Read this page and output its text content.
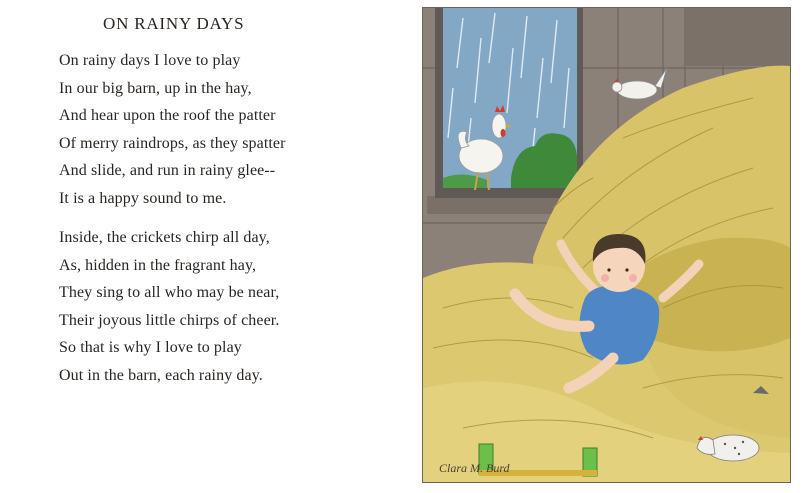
ON RAINY DAYS
On rainy days I love to play
In our big barn, up in the hay,
And hear upon the roof the patter
Of merry raindrops, as they spatter
And slide, and run in rainy glee--
It is a happy sound to me.
Inside, the crickets chirp all day,
As, hidden in the fragrant hay,
They sing to all who may be near,
Their joyous little chirps of cheer.
So that is why I love to play
Out in the barn, each rainy day.
Clara M. Burd
